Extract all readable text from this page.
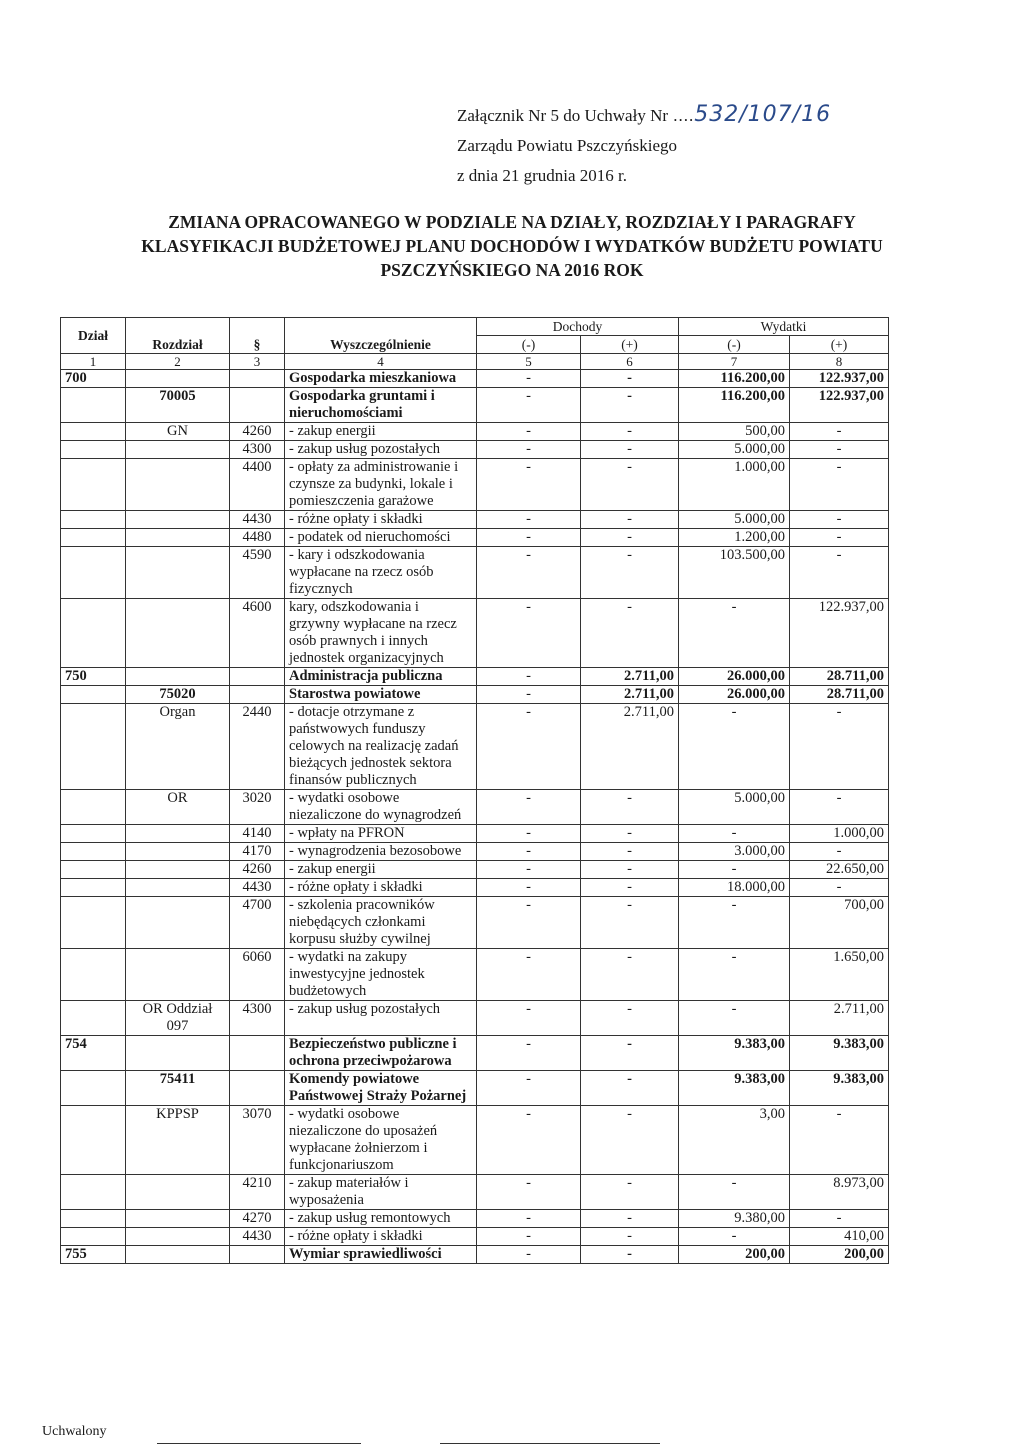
Załącznik Nr 5 do Uchwały Nr ....532/107/16
Zarządu Powiatu Pszczyńskiego
z dnia 21 grudnia 2016 r.
ZMIANA OPRACOWANEGO W PODZIALE NA DZIAŁY, ROZDZIAŁY I PARAGRAFY
KLASYFIKACJI BUDŻETOWEJ PLANU DOCHODÓW I WYDATKÓW BUDŻETU POWIATU
PSZCZYŃSKIEGO NA 2016 ROK
Dział	Rozdział	§	Wyszczególnienie	Dochody		Wydatki	
				(-)	(+)	(-)	(+)
1	2	3	4	5	6	7	8
700			Gospodarka mieszkaniowa	-	-	116.200,00	122.937,00
	70005		Gospodarka gruntami i nieruchomościami	-	-	116.200,00	122.937,00
	GN	4260	- zakup energii	-	-	500,00	-
		4300	- zakup usług pozostałych	-	-	5.000,00	-
		4400	- opłaty za administrowanie i czynsze za budynki, lokale i pomieszczenia garażowe	-	-	1.000,00	-
		4430	- różne opłaty i składki	-	-	5.000,00	-
		4480	- podatek od nieruchomości	-	-	1.200,00	-
		4590	- kary i odszkodowania wypłacane na rzecz osób fizycznych	-	-	103.500,00	-
		4600	kary, odszkodowania i grzywny wypłacane na rzecz osób prawnych i innych jednostek organizacyjnych	-	-	-	122.937,00
750			Administracja publiczna	-	2.711,00	26.000,00	28.711,00
	75020		Starostwa powiatowe	-	2.711,00	26.000,00	28.711,00
	Organ	2440	- dotacje otrzymane z państwowych funduszy celowych na realizację zadań bieżących jednostek sektora finansów publicznych	-	2.711,00	-	-
	OR	3020	- wydatki osobowe niezaliczone do wynagrodzeń	-	-	5.000,00	-
		4140	- wpłaty na PFRON	-	-	-	1.000,00
		4170	- wynagrodzenia bezosobowe	-	-	3.000,00	-
		4260	- zakup energii	-	-	-	22.650,00
		4430	- różne opłaty i składki	-	-	18.000,00	-
		4700	- szkolenia pracowników niebędących członkami korpusu służby cywilnej	-	-	-	700,00
		6060	- wydatki na zakupy inwestycyjne jednostek budżetowych	-	-	-	1.650,00
	OR Oddział 097	4300	- zakup usług pozostałych	-	-	-	2.711,00
754			Bezpieczeństwo publiczne i ochrona przeciwpożarowa	-	-	9.383,00	9.383,00
	75411		Komendy powiatowe Państwowej Straży Pożarnej	-	-	9.383,00	9.383,00
	KPPSP	3070	- wydatki osobowe niezaliczone do uposażeń wypłacane żołnierzom i funkcjonariuszom	-	-	3,00	-
		4210	- zakup materiałów i wyposażenia	-	-	-	8.973,00
		4270	- zakup usług remontowych	-	-	9.380,00	-
		4430	- różne opłaty i składki	-	-	-	410,00
755			Wymiar sprawiedliwości	-	-	200,00	200,00
Uchwalony
